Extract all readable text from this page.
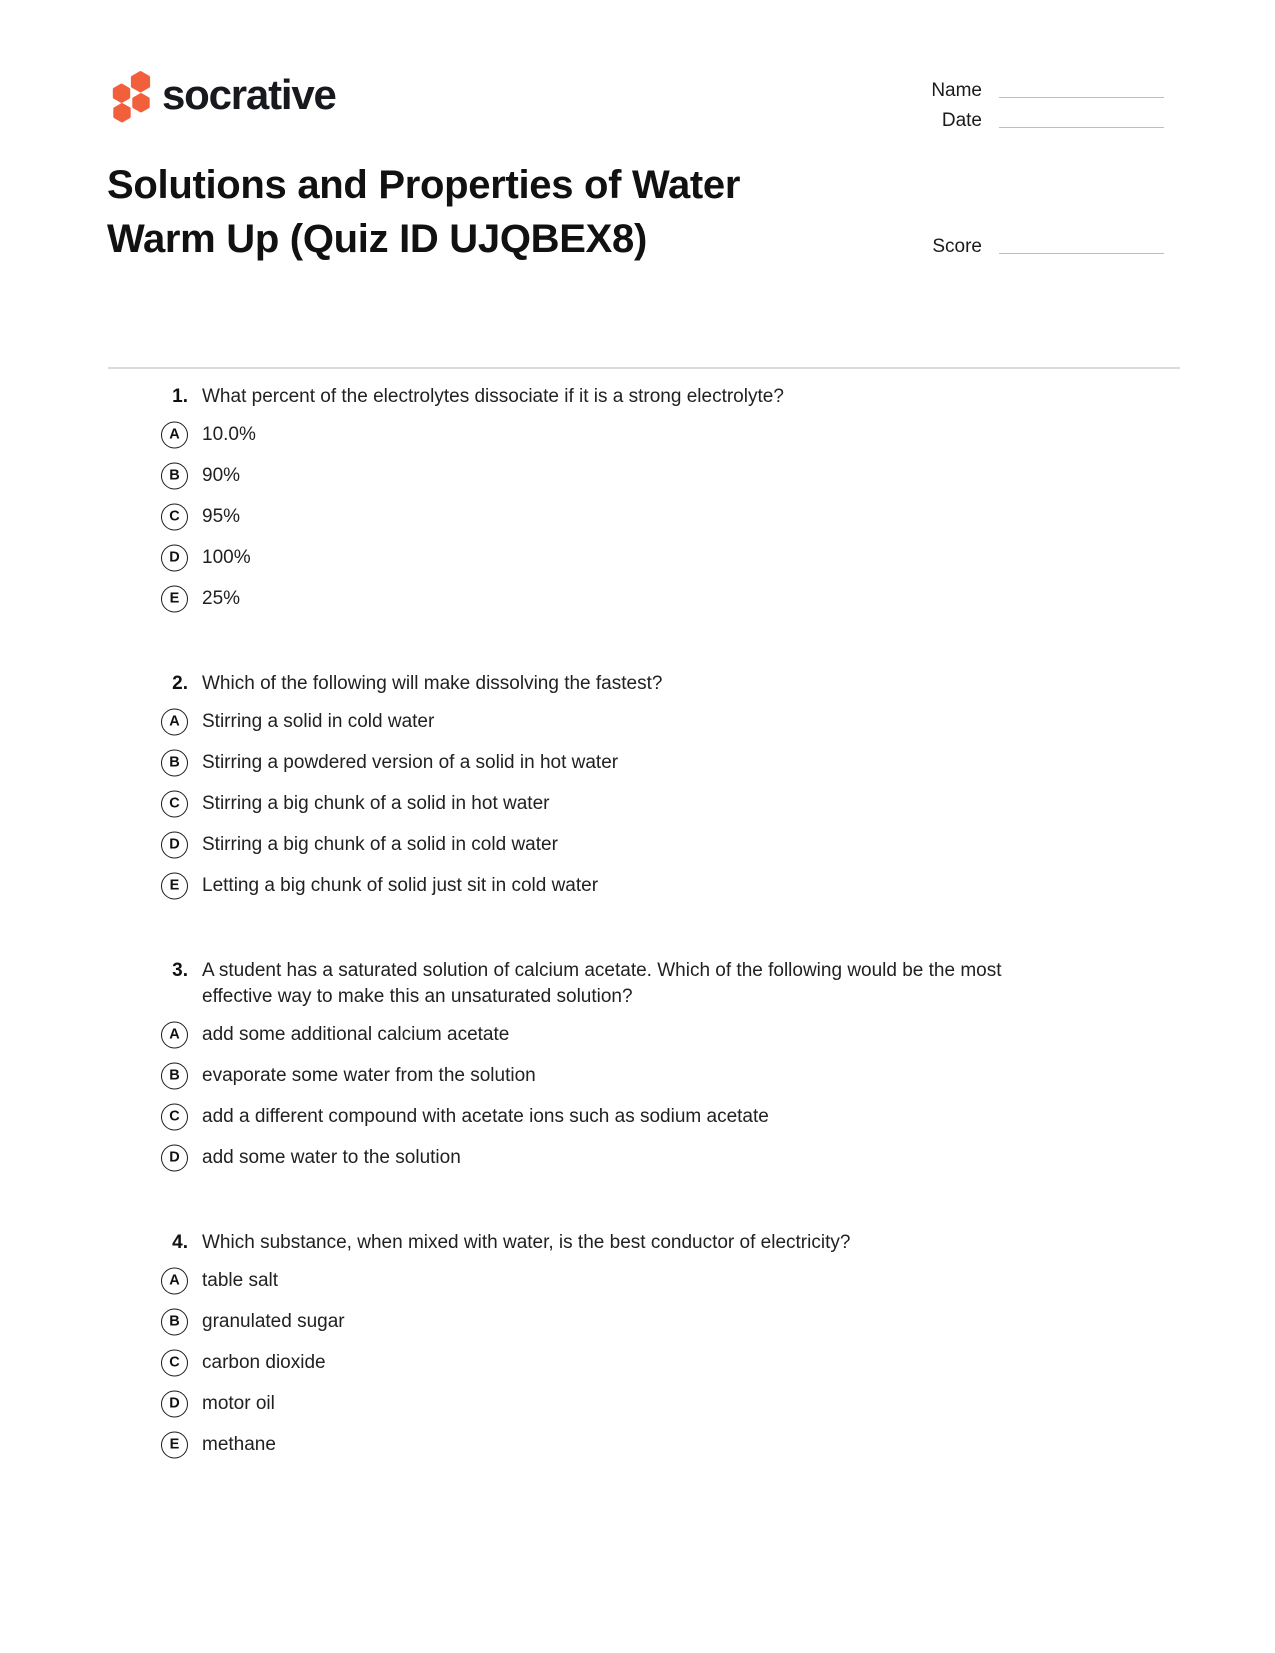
socrative	Name
Date
Solutions and Properties of Water Warm Up (Quiz ID UJQBEX8)	Score
1. What percent of the electrolytes dissociate if it is a strong electrolyte?
A 10.0%
B 90%
C 95%
D 100%
E 25%
2. Which of the following will make dissolving the fastest?
A Stirring a solid in cold water
B Stirring a powdered version of a solid in hot water
C Stirring a big chunk of a solid in hot water
D Stirring a big chunk of a solid in cold water
E Letting a big chunk of solid just sit in cold water
3. A student has a saturated solution of calcium acetate. Which of the following would be the most effective way to make this an unsaturated solution?
A add some additional calcium acetate
B evaporate some water from the solution
C add a different compound with acetate ions such as sodium acetate
D add some water to the solution
4. Which substance, when mixed with water, is the best conductor of electricity?
A table salt
B granulated sugar
C carbon dioxide
D motor oil
E methane
